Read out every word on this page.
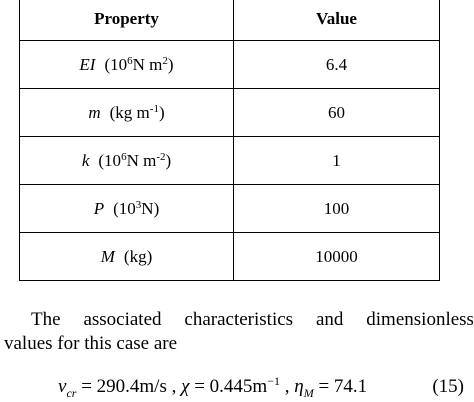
Property	Value
EI ($10^6N$ $m^2$)	6.4
m (kg $m^{-1}$)	60
k ($10^6N$ $m^{-2}$)	1
P $(10^3N)$	100
M (kg)	10000
The associated characteristics and dimensionless
values for this case are
$v_{cr} = 290.4m/s$ , $\chi = 0.445m^{-1}$ , $\eta_M = 74.1$	(15)
